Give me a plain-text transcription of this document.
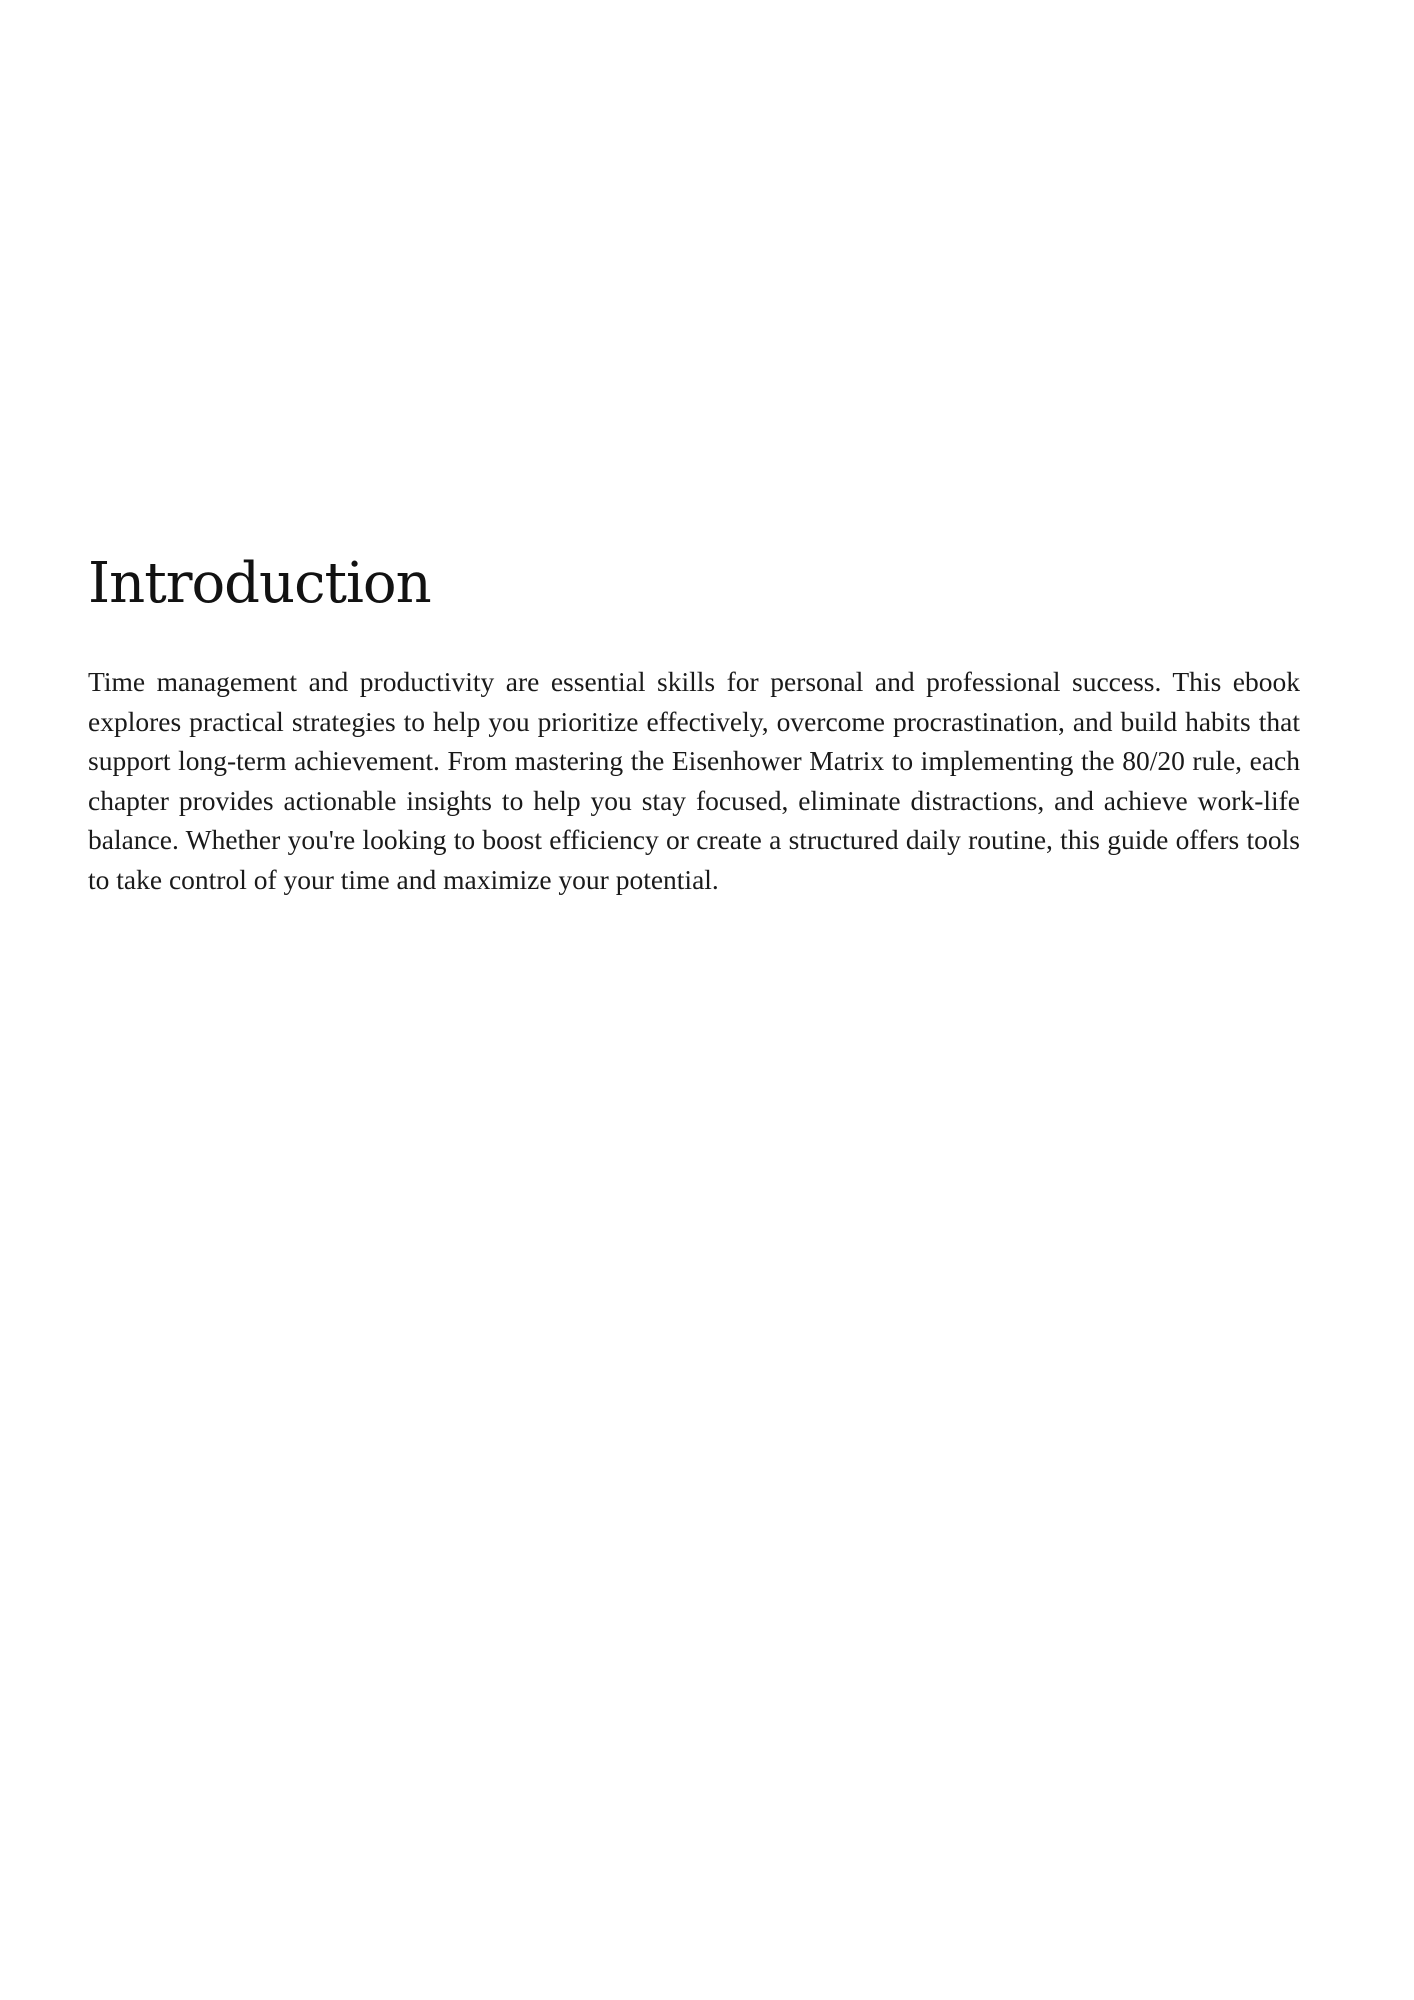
Introduction

Time management and productivity are essential skills for personal and professional success. This ebook explores practical strategies to help you prioritize effectively, overcome procrastination, and build habits that support long-term achievement. From mastering the Eisenhower Matrix to implementing the 80/20 rule, each chapter provides actionable insights to help you stay focused, eliminate distractions, and achieve work-life balance. Whether you're looking to boost efficiency or create a structured daily routine, this guide offers tools to take control of your time and maximize your potential.
